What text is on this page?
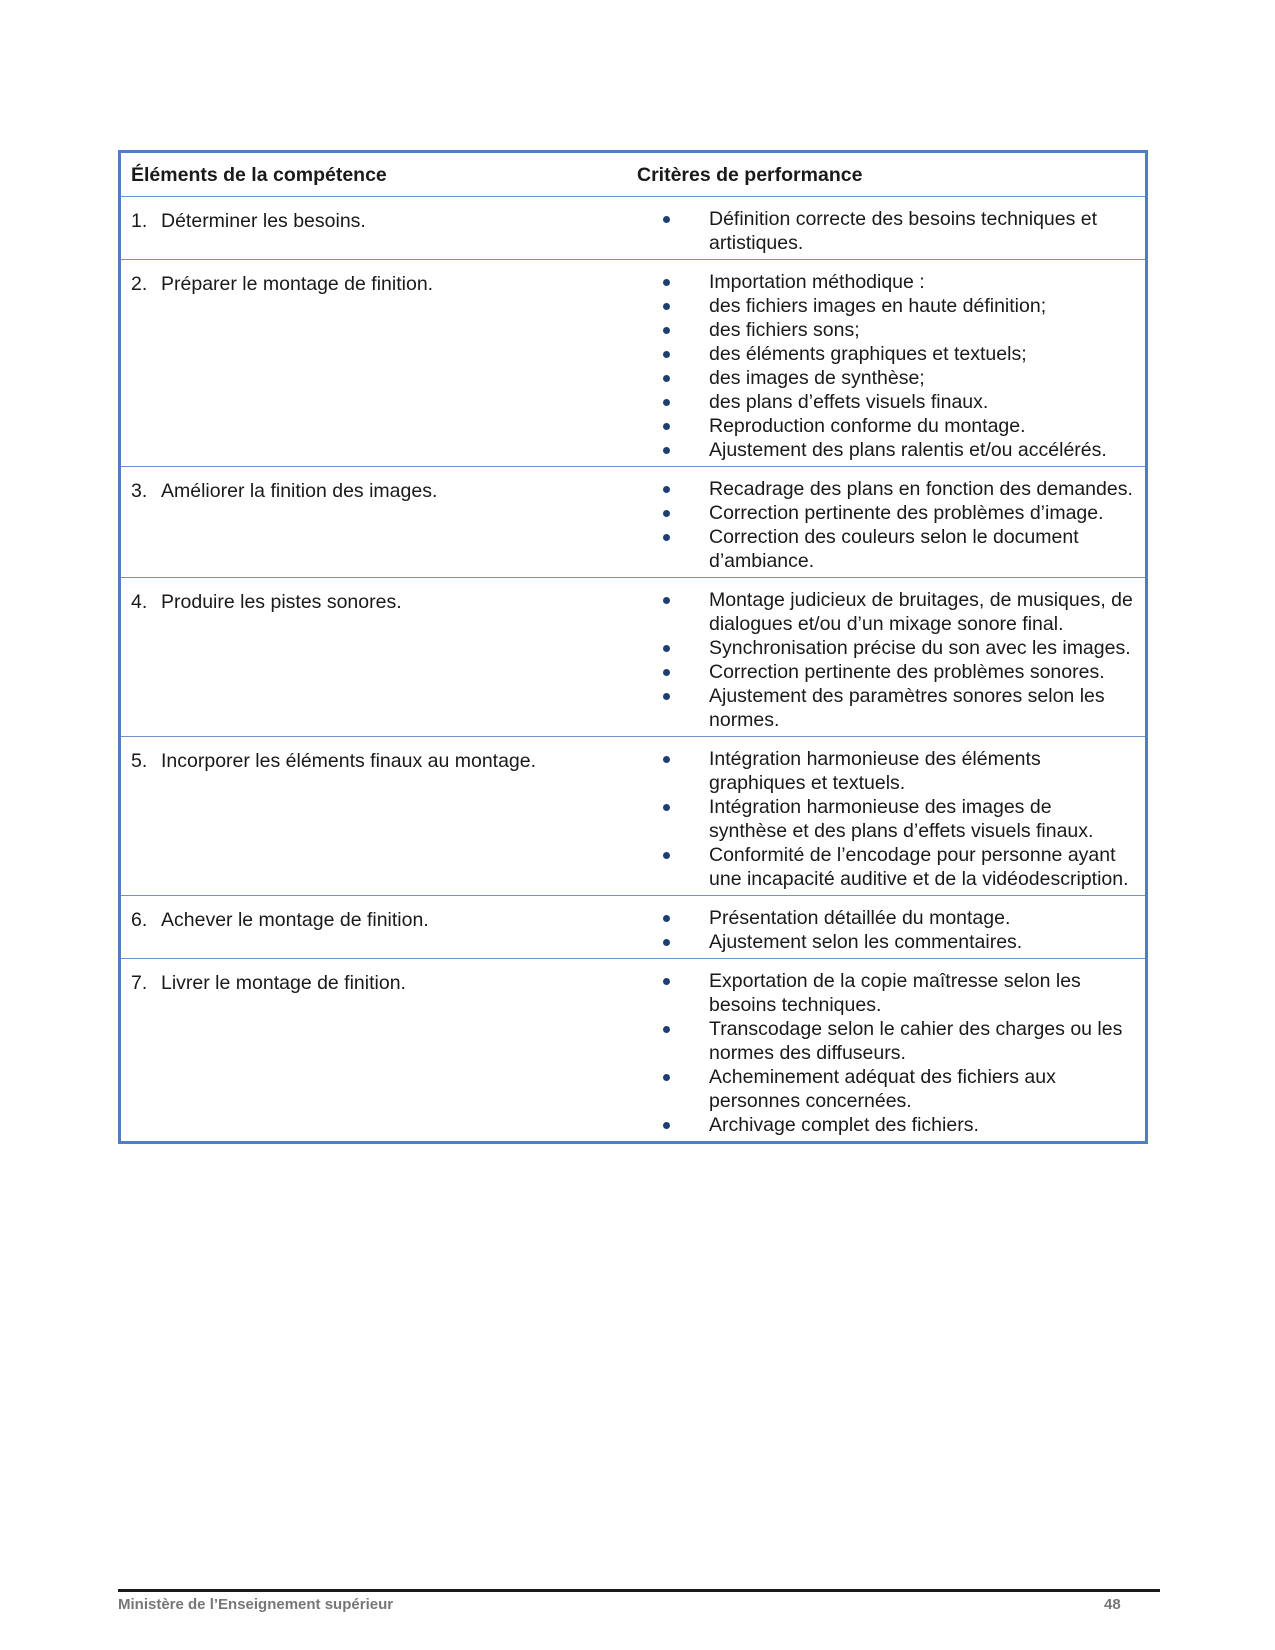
Éléments de la compétence	Critères de performance
1. Déterminer les besoins.	Définition correcte des besoins techniques et artistiques.
2. Préparer le montage de finition.	Importation méthodique :
des fichiers images en haute définition;
des fichiers sons;
des éléments graphiques et textuels;
des images de synthèse;
des plans d’effets visuels finaux.
Reproduction conforme du montage.
Ajustement des plans ralentis et/ou accélérés.
3. Améliorer la finition des images.	Recadrage des plans en fonction des demandes.
Correction pertinente des problèmes d’image.
Correction des couleurs selon le document d’ambiance.
4. Produire les pistes sonores.	Montage judicieux de bruitages, de musiques, de dialogues et/ou d’un mixage sonore final.
Synchronisation précise du son avec les images.
Correction pertinente des problèmes sonores.
Ajustement des paramètres sonores selon les normes.
5. Incorporer les éléments finaux au montage.	Intégration harmonieuse des éléments graphiques et textuels.
Intégration harmonieuse des images de synthèse et des plans d’effets visuels finaux.
Conformité de l’encodage pour personne ayant une incapacité auditive et de la vidéodescription.
6. Achever le montage de finition.	Présentation détaillée du montage.
Ajustement selon les commentaires.
7. Livrer le montage de finition.	Exportation de la copie maîtresse selon les besoins techniques.
Transcodage selon le cahier des charges ou les normes des diffuseurs.
Acheminement adéquat des fichiers aux personnes concernées.
Archivage complet des fichiers.
Ministère de l’Enseignement supérieur	48
